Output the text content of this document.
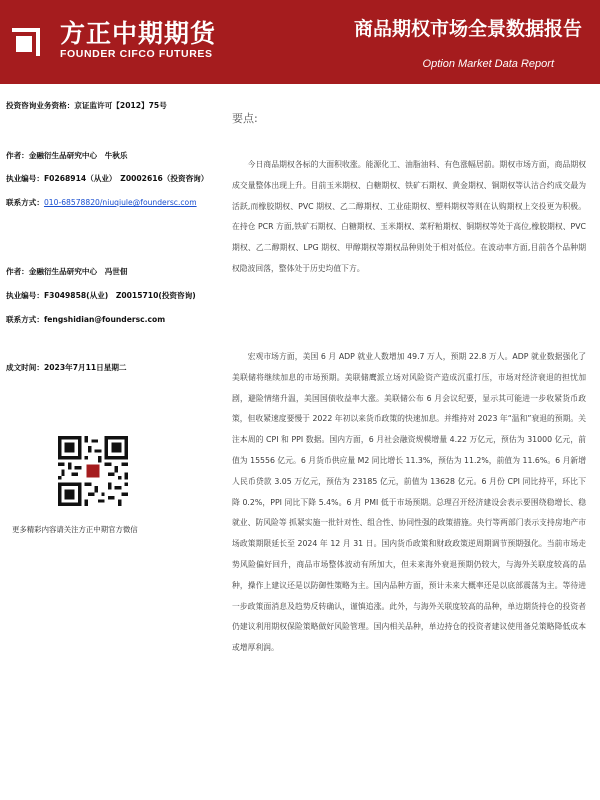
方正中期期货
FOUNDER CIFCO FUTURES
商品期权市场全景数据报告
Option Market Data Report
投资咨询业务资格：京证监许可【2012】75号
作者：金融衍生品研究中心　牛秋乐
执业编号：F0268914（从业）　Z0002616（投资咨询）
联系方式：010-68578820/niuqiule@foundersc.com
作者：金融衍生品研究中心　冯世佃
执业编号：F3049858(从业)　Z0015710(投资咨询)
联系方式：fengshidian@foundersc.com
成文时间：2023年7月11日星期二
更多精彩内容请关注方正中期官方微信
要点:
今日商品期权各标的大面积收涨。能源化工、油脂油料、有色涨幅居前。期权市场方面，商品期权成交量整体出现上升。目前玉米期权、白糖期权、铁矿石期权、黄金期权、铜期权等认沽合约成交最为活跃,而橡胶期权、PVC 期权、乙二醇期权、工业硅期权、塑料期权等则在认购期权上交投更为积极。在持仓 PCR 方面,铁矿石期权、白糖期权、玉米期权、菜籽粕期权、铜期权等处于高位,橡胶期权、PVC 期权、乙二醇期权、LPG 期权、甲醇期权等期权品种则处于相对低位。在波动率方面,目前各个品种期权隐波回落，整体处于历史均值下方。
宏观市场方面，美国 6 月 ADP 就业人数增加 49.7 万人，预期 22.8 万人。ADP 就业数据强化了美联储将继续加息的市场预期。美联储鹰派立场对风险资产造成沉重打压，市场对经济衰退的担忧加剧，避险情绪升温，美国国债收益率大涨。美联储公布 6 月会议纪要，显示其可能进一步收紧货币政策，但收紧速度要慢于 2022 年初以来货币政策的快速加息。并维持对 2023 年“温和”衰退的预期。关注本周的 CPI 和 PPI 数据。国内方面，6 月社会融资规模增量 4.22 万亿元，预估为 31000 亿元，前值为 15556 亿元。6 月货币供应量 M2 同比增长 11.3%，预估为 11.2%，前值为 11.6%。6 月新增人民币贷款 3.05 万亿元，预估为 23185 亿元，前值为 13628 亿元。6 月份 CPI 同比持平，环比下降 0.2%，PPI 同比下降 5.4%。6 月 PMI 低于市场预期。总理召开经济建设会表示要围绕稳增长、稳就业、防风险等 抓紧实施一批针对性、组合性、协同性强的政策措施。央行等两部门表示支持房地产市场政策期限延长至 2024 年 12 月 31 日。国内货币政策和财政政策逆周期调节预期强化。当前市场走势风险偏好回升，商品市场整体波动有所加大，但未来海外衰退预期仍较大，与海外关联度较高的品种，操作上建议还是以防御性策略为主。国内品种方面，预计未来大概率还是以底部震荡为主。等待进一步政策面消息及趋势反转确认，谨慎追涨。此外，与海外关联度较高的品种，单边期货持仓的投资者仍建议利用期权保险策略做好风险管理。国内相关品种，单边持仓的投资者建议使用备兑策略降低成本或增厚利润。
